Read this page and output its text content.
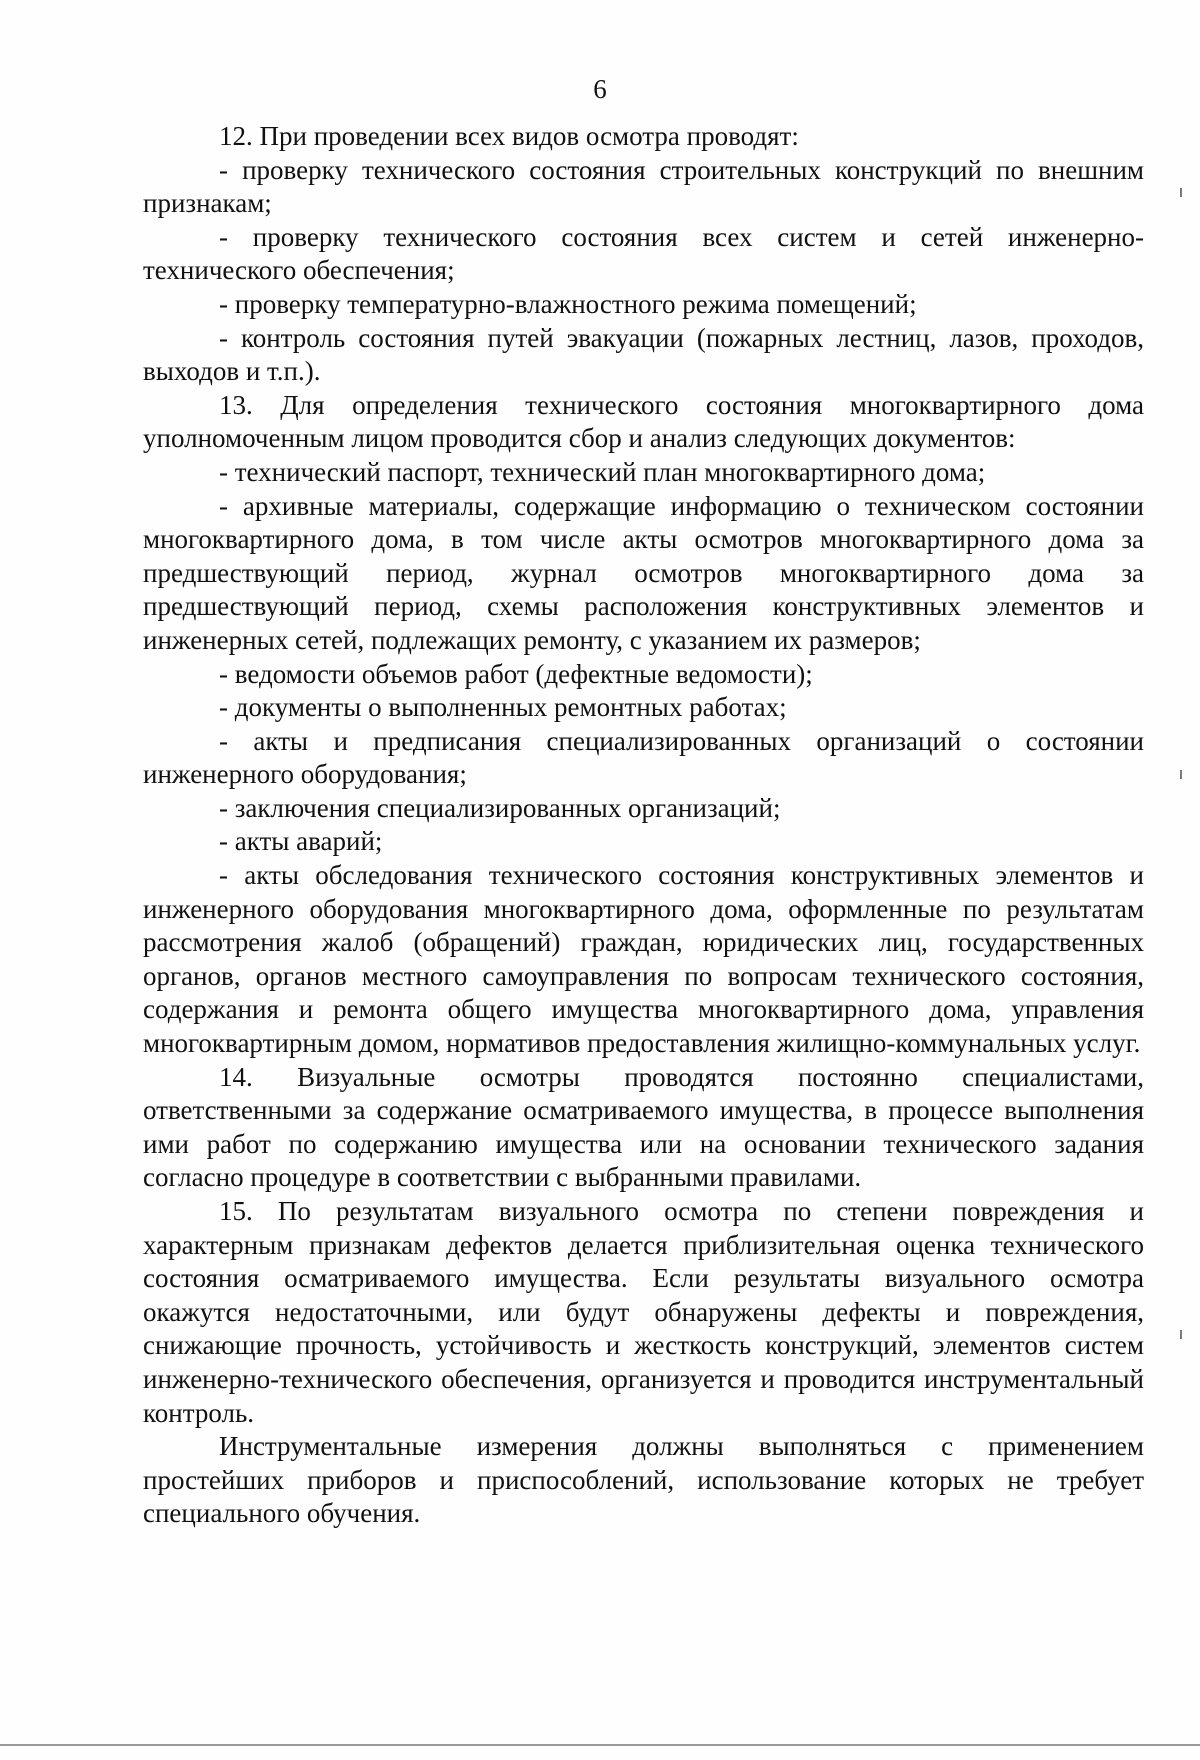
6

12. При проведении всех видов осмотра проводят:

- проверку технического состояния строительных конструкций по внешним признакам;

- проверку технического состояния всех систем и сетей инженерно-технического обеспечения;

- проверку температурно-влажностного режима помещений;

- контроль состояния путей эвакуации (пожарных лестниц, лазов, проходов, выходов и т.п.).

13. Для определения технического состояния многоквартирного дома уполномоченным лицом проводится сбор и анализ следующих документов:

- технический паспорт, технический план многоквартирного дома;

- архивные материалы, содержащие информацию о техническом состоянии многоквартирного дома, в том числе акты осмотров многоквартирного дома за предшествующий период, журнал осмотров многоквартирного дома за предшествующий период, схемы расположения конструктивных элементов и инженерных сетей, подлежащих ремонту, с указанием их размеров;

- ведомости объемов работ (дефектные ведомости);

- документы о выполненных ремонтных работах;

- акты и предписания специализированных организаций о состоянии инженерного оборудования;

- заключения специализированных организаций;

- акты аварий;

- акты обследования технического состояния конструктивных элементов и инженерного оборудования многоквартирного дома, оформленные по результатам рассмотрения жалоб (обращений) граждан, юридических лиц, государственных органов, органов местного самоуправления по вопросам технического состояния, содержания и ремонта общего имущества многоквартирного дома, управления многоквартирным домом, нормативов предоставления жилищно-коммунальных услуг.

14. Визуальные осмотры проводятся постоянно специалистами, ответственными за содержание осматриваемого имущества, в процессе выполнения ими работ по содержанию имущества или на основании технического задания согласно процедуре в соответствии с выбранными правилами.

15. По результатам визуального осмотра по степени повреждения и характерным признакам дефектов делается приблизительная оценка технического состояния осматриваемого имущества. Если результаты визуального осмотра окажутся недостаточными, или будут обнаружены дефекты и повреждения, снижающие прочность, устойчивость и жесткость конструкций, элементов систем инженерно-технического обеспечения, организуется и проводится инструментальный контроль.

Инструментальные измерения должны выполняться с применением простейших приборов и приспособлений, использование которых не требует специального обучения.
